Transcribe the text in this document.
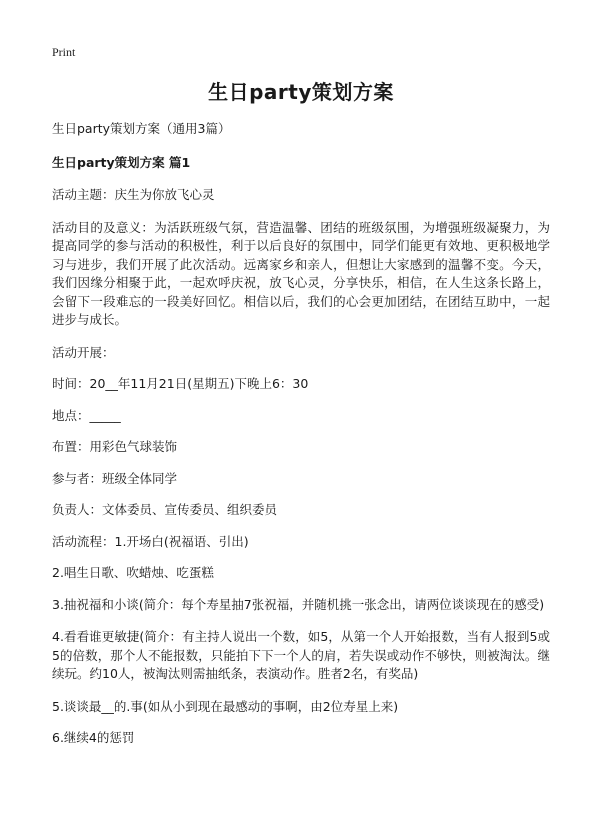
Print
生日party策划方案
生日party策划方案（通用3篇）
生日party策划方案 篇1
活动主题：庆生为你放飞心灵
活动目的及意义：为活跃班级气氛，营造温馨、团结的班级氛围，为增强班级凝聚力，为提高同学的参与活动的积极性，利于以后良好的氛围中，同学们能更有效地、更积极地学习与进步，我们开展了此次活动。远离家乡和亲人，但想让大家感到的温馨不变。今天，我们因缘分相聚于此，一起欢呼庆祝，放飞心灵，分享快乐，相信，在人生这条长路上，会留下一段难忘的一段美好回忆。相信以后，我们的心会更加团结，在团结互助中，一起进步与成长。
活动开展：
时间：20__年11月21日(星期五)下晚上6：30
地点：_____
布置：用彩色气球装饰
参与者：班级全体同学
负责人：文体委员、宣传委员、组织委员
活动流程：1.开场白(祝福语、引出)
2.唱生日歌、吹蜡烛、吃蛋糕
3.抽祝福和小谈(简介：每个寿星抽7张祝福，并随机挑一张念出，请两位谈谈现在的感受)
4.看看谁更敏捷(简介：有主持人说出一个数，如5，从第一个人开始报数，当有人报到5或5的倍数，那个人不能报数，只能拍下下一个人的肩，若失误或动作不够快，则被淘汰。继续玩。约10人，被淘汰则需抽纸条，表演动作。胜者2名，有奖品)
5.谈谈最__的.事(如从小到现在最感动的事啊，由2位寿星上来)
6.继续4的惩罚
